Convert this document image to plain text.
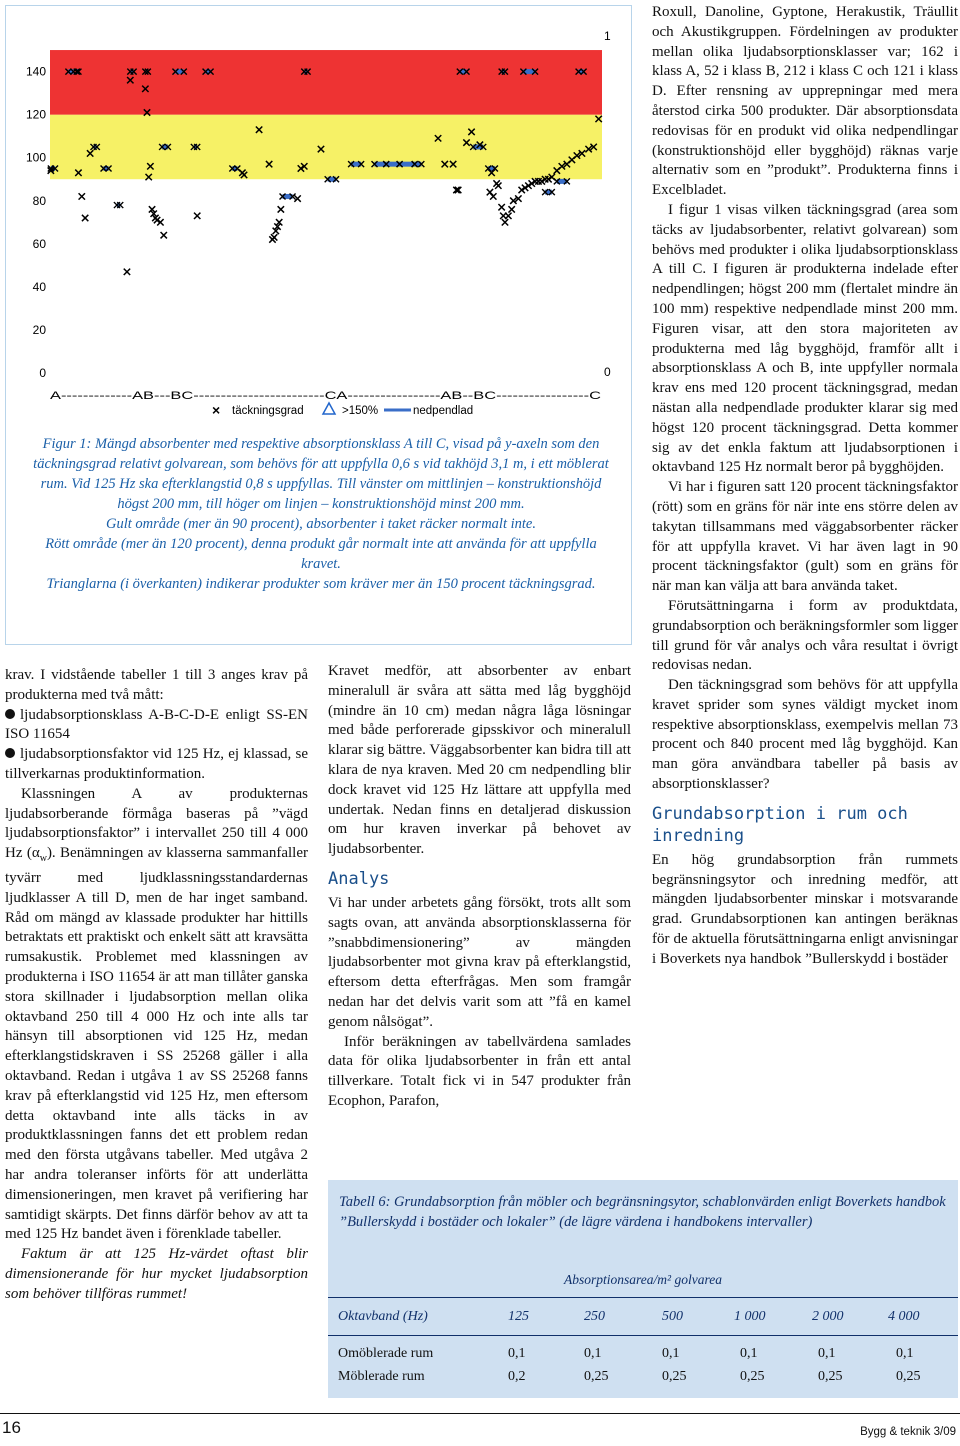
140
120
100
80
60
40
20
0
1
0
A-------------AB---BC------------------------CA-----------------AB--BC-----------------C
× täckningsgrad	>150%	nedpendlad

Figur 1: Mängd absorbenter med respektive absorptionsklass A till C, visad på y-axeln som den täckningsgrad relativt golvarean, som behövs för att uppfylla 0,6 s vid takhöjd 3,1 m, i ett möblerat rum. Vid 125 Hz ska efterklangstid 0,8 s uppfyllas. Till vänster om mittlinjen – konstruktionshöjd högst 200 mm, till höger om linjen – konstruktionshöjd minst 200 mm.

Gult område (mer än 90 procent), absorbenter i taket räcker normalt inte.

Rött område (mer än 120 procent), denna produkt går normalt inte att använda för att uppfylla kravet.

Trianglarna (i överkanten) indikerar produkter som kräver mer än 150 procent täckningsgrad.

krav. I vidstående tabeller 1 till 3 anges krav på produkterna med två mått:

ljudabsorptionsklass A-B-C-D-E enligt SS-EN ISO 11654

ljudabsorptionsfaktor vid 125 Hz, ej klassad, se tillverkarnas produktinformation.

Klassningen A av produkternas ljudabsorberande förmåga baseras på ”vägd ljudabsorptionsfaktor” i intervallet 250 till 4 000 Hz $(\alpha_w)$. Benämningen av klasserna sammanfaller tyvärr med ljudklassningsstandardernas ljudklasser A till D, men de har inget samband. Råd om mängd av klassade produkter har hittills betraktats ett praktiskt och enkelt sätt att kravsätta rumsakustik. Problemet med klassningen av produkterna i ISO 11654 är att man tillåter ganska stora skillnader i ljudabsorption mellan olika oktavband 250 till 4 000 Hz och inte alls tar hänsyn till absorptionen vid 125 Hz, medan efterklangstidskraven i SS 25268 gäller i alla oktavband. Redan i utgåva 1 av SS 25268 fanns krav på efterklangstid vid 125 Hz, men eftersom detta oktavband inte alls täcks in av produktklassningen fanns det ett problem redan med den första utgåvans tabeller. Med utgåva 2 har andra toleranser införts för att underlätta dimensioneringen, men kravet på verifiering har samtidigt skärpts. Det finns därför behov av att ta med 125 Hz bandet även i förenklade tabeller.

Faktum är att 125 Hz-värdet oftast blir dimensionerande för hur mycket ljudabsorption som behöver tillföras rummet!

Kravet medför, att absorbenter av enbart mineralull är svåra att sätta med låg bygghöjd (mindre än 10 cm) medan några låga lösningar med både perforerade gipsskivor och mineralull klarar sig bättre. Väggabsorbenter kan bidra till att klara de nya kraven. Med 20 cm nedpendling blir dock kravet vid 125 Hz lättare att uppfylla med undertak. Nedan finns en detaljerad diskussion om hur kraven inverkar på behovet av ljudabsorbenter.

Analys

Vi har under arbetets gång försökt, trots allt som sagts ovan, att använda absorptionsklasserna för ”snabbdimensionering” av mängden ljudabsorbenter mot givna krav på efterklangstid, eftersom detta efterfrågas. Men som framgår nedan har det delvis varit som att ”få en kamel genom nålsögat”.

Inför beräkningen av tabellvärdena samlades data för olika ljudabsorbenter in från ett antal tillverkare. Totalt fick vi in 547 produkter från Ecophon, Parafon,

Roxull, Danoline, Gyptone, Herakustik, Träullit och Akustikgruppen. Fördelningen av produkter mellan olika ljudabsorptionsklasser var; 162 i klass A, 52 i klass B, 212 i klass C och 121 i klass D. Efter rensning av upprepningar med mera återstod cirka 500 produkter. Där absorptionsdata redovisas för en produkt vid olika nedpendlingar (konstruktionshöjd eller bygghöjd) räknas varje alternativ som en ”produkt”. Produkterna finns i Excelbladet.

I figur 1 visas vilken täckningsgrad (area som täcks av ljudabsorbenter, relativt golvarean) som behövs med produkter i olika ljudabsorptionsklass A till C. I figuren är produkterna indelade efter nedpendlingen; högst 200 mm (flertalet mindre än 100 mm) respektive nedpendlade minst 200 mm. Figuren visar, att den stora majoriteten av produkterna med låg bygghöjd, framför allt i absorptionsklass A och B, inte uppfyller normala krav ens med 120 procent täckningsgrad, medan nästan alla nedpendlade produkter klarar sig med högst 120 procent täckningsgrad. Detta kommer sig av det enkla faktum att ljudabsorptionen i oktavband 125 Hz normalt beror på bygghöjden.

Vi har i figuren satt 120 procent täckningsfaktor (rött) som en gräns för när inte ens större delen av takytan tillsammans med väggabsorbenter räcker för att uppfylla kravet. Vi har även lagt in 90 procent täckningsfaktor (gult) som en gräns för när man kan välja att bara använda taket.

Förutsättningarna i form av produktdata, grundabsorption och beräkningsformler som ligger till grund för vår analys och våra resultat i övrigt redovisas nedan.

Den täckningsgrad som behövs för att uppfylla kravet sprider som synes väldigt mycket inom respektive absorptionsklass, exempelvis mellan 73 procent och 840 procent med låg bygghöjd. Kan man göra användbara tabeller på basis av absorptionsklasser?

Grundabsorption i rum och inredning

En hög grundabsorption från rummets begränsningsytor och inredning medför, att mängden ljudabsorbenter minskar i motsvarande grad. Grundabsorptionen kan antingen beräknas för de aktuella förutsättningarna enligt anvisningar i Boverkets nya handbok ”Bullerskydd i bostäder

Tabell 6: Grundabsorption från möbler och begränsningsytor, schablonvärden enligt Boverkets handbok ”Bullerskydd i bostäder och lokaler” (de lägre värdena i handbokens intervaller)
Absorptionsarea/m² golvarea
Oktavband (Hz)	125	250	500	1 000	2 000	4 000
Omöblerade rum	0,1	0,1	0,1	0,1	0,1	0,1
Möblerade rum	0,2	0,25	0,25	0,25	0,25	0,25
16	Bygg & teknik 3/09
